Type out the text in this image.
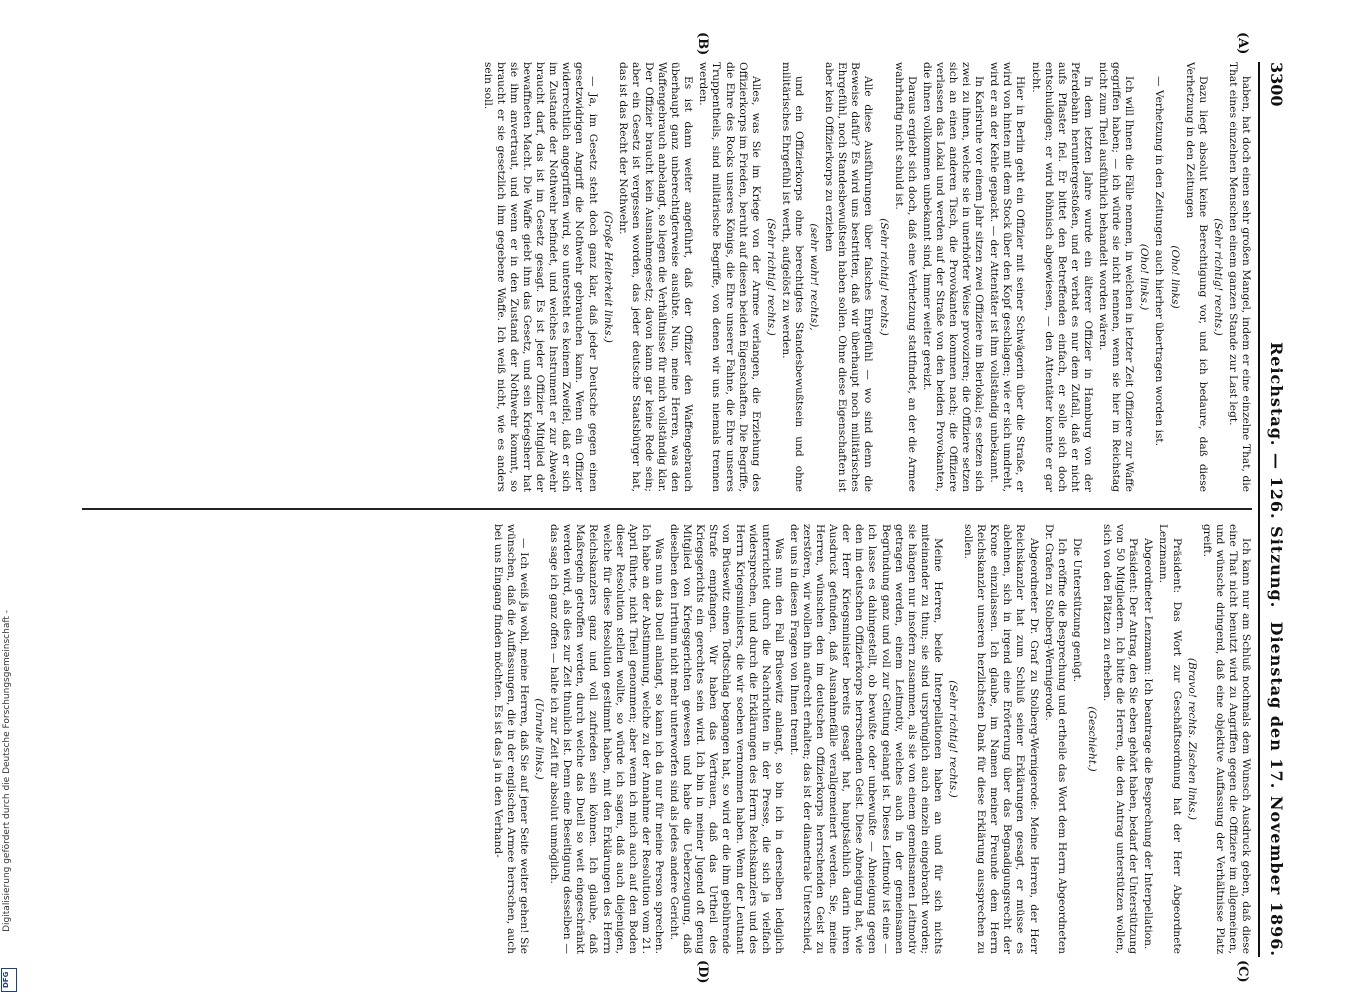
Digitalisierung gefördert durch die Deutsche Forschungsgemeinschaft -
DFG
3300
Reichstag. — 126. Sitzung.
Dienstag den 17. November 1896.
(A)
(B)
(C)
(D)

haben, hat doch einen sehr großen Mangel, indem er eine einzelne That, die That eines einzelnen Menschen einem ganzen Stande zur Last legt.

(Sehr richtig! rechts.)

Dazu liegt absolut keine Berechtigung vor, und ich bedaure, daß diese Verhetzung in den Zeitungen

(Oho! links)

— Verhetzung in den Zeitungen auch hierher übertragen worden ist.

(Oho! links.)

Ich will Ihnen die Fälle nennen, in welchen in letzter Zeit Offiziere zur Waffe gegriffen haben; — ich würde sie nicht nennen, wenn sie hier im Reichstag nicht zum Theil ausführlich behandelt worden wären.

In dem letzten Jahre wurde ein älterer Offizier in Hamburg von der Pferdebahn heruntergestoßen, und er verbat es nur dem Zufall, daß er nicht aufs Pflaster fiel. Er bittet den Betreffenden einfach, er solle sich doch entschuldigen; er wird höhnisch abgewiesen, — den Attentäter konnte er gar nicht.

Hier in Berlin geht ein Offizier mit seiner Schwägerin über die Straße, er wird von hinten mit dem Stock über den Kopf geschlagen; wie er sich umdreht, wird er an der Kehle gepackt. — der Attentäter ist ihm vollständig unbekannt.

In Karlsruhe vor einem Jahr sitzen zwei Offiziere im Bierlokal; es setzen sich zwei zu ihnen, welche sie in unerhörter Weise provoziren; die Offiziere setzen sich an einen anderen Tisch, die Provokanten kommen nach; die Offiziere verlassen das Lokal und werden auf der Straße von den beiden Provokanten, die ihnen vollkommen unbekannt sind, immer weiter gereizt.

Daraus ergiebt sich doch, daß eine Verhetzung stattfindet, an der die Armee wahrhaftig nicht schuld ist.

(Sehr richtig! rechts.)

Alle diese Ausführungen über falsches Ehrgefühl — wo sind denn die Beweise dafür? Es wird uns bestritten, daß wir überhaupt noch militärisches Ehrgefühl, noch Standesbewußtsein haben sollen. Ohne diese Eigenschaften ist aber kein Offizierkorps zu erziehen

(sehr wahr! rechts),

und ein Offizierkorps ohne berechtigtes Standesbewußtsein und ohne militärisches Ehrgefühl ist werth, aufgelöst zu werden.

(Sehr richtig! rechts.)

Alles, was Sie im Kriege von der Armee verlangen, die Erziehung des Offizierkorps im Frieden, beruht auf diesen beiden Eigenschaften. Die Begriffe, die Ehre des Rocks unseres Königs, die Ehre unserer Fahne, die Ehre unseres Truppentheils, sind militärische Begriffe, von denen wir uns niemals trennen werden.

Es ist dann weiter angeführt, daß der Offizier den Waffengebrauch überhaupt ganz unberechtigterweise ausübte. Nun, meine Herren, was den Waffengebrauch anbelangt, so liegen die Verhältnisse für mich vollständig klar. Der Offizier braucht kein Ausnahmegesetz; davon kann gar keine Rede sein; aber ein Gesetz ist vergessen worden, das jeder deutsche Staatsbürger hat, das ist das Recht der Nothwehr.

(Große Heiterkeit links.)

— Ja, im Gesetz steht doch ganz klar, daß jeder Deutsche gegen einen gesetzwidrigen Angriff die Nothwehr gebrauchen kann. Wenn ein Offizier widerrechtlich angegriffen wird, so untersteht es keinem Zweifel, daß er sich im Zustande der Nothwehr befindet, und welches Instrument er zur Abwehr braucht darf, das ist im Gesetz gesagt. Es ist jeder Offizier Mitglied der bewaffneten Macht. Die Waffe giebt ihm das Gesetz, und sein Kriegsherr hat sie ihm anvertraut, und wenn er in den Zustand der Nothwehr kommt, so braucht er sie gesetzlich ihm gegebene Waffe. Ich weiß nicht, wie es anders sein soll.

Ich kann nur am Schluß nochmals dem Wunsch Ausdruck geben, daß diese eine That nicht benutzt wird zu Angriffen gegen die Offiziere im allgemeinen, und wünsche dringend, daß eine objektive Auffassung der Verhältnisse Platz greift.

(Bravo! rechts. Zischen links.)

Präsident: Das Wort zur Geschäftsordnung hat der Herr Abgeordnete Lenzmann.

Abgeordneter Lenzmann: Ich beantrage die Besprechung der Interpellation.

Präsident: Der Antrag, den Sie eben gehört haben, bedarf der Unterstützung von 50 Mitgliedern. Ich bitte die Herren, die den Antrag unterstützen wollen, sich von den Plätzen zu erheben.

(Geschieht.)

Die Unterstützung genügt.

Ich eröffne die Besprechung und ertheile das Wort dem Herrn Abgeordneten Dr. Grafen zu Stolberg-Wernigerode.

Abgeordneter Dr. Graf zu Stolberg-Wernigerode: Meine Herren, der Herr Reichskanzler hat zum Schluß seiner Erklärungen gesagt, er müsse es ablehnen, sich in irgend eine Erörterung über das Begnadigungsrecht der Krone einzulassen. Ich glaube, im Namen meiner Freunde dem Herrn Reichskanzler unseren herzlichsten Dank für diese Erklärung aussprechen zu sollen.

(Sehr richtig! rechts.)

Meine Herren, beide Interpellationen haben an und für sich nichts miteinander zu thun; sie sind ursprünglich auch einzeln eingebracht worden; sie hängen nur insofern zusammen, als sie von einem gemeinsamen Leitmotiv getragen werden, einem Leitmotiv, welches auch in der gemeinsamen Begründung ganz und voll zur Geltung gelangt ist. Dieses Leitmotiv ist eine — ich lasse es dahingestellt, ob bewußte oder unbewußte — Abneigung gegen den im deutschen Offizierkorps herrschenden Geist. Diese Abneigung hat, wie der Herr Kriegsminister bereits gesagt hat, hauptsächlich darin ihren Ausdruck gefunden, daß Ausnahmefälle verallgemeinert werden. Sie, meine Herren, wünschen den im deutschen Offizierkorps herrschenden Geist zu zerstören, wir wollen ihn aufrecht erhalten; das ist der diametrale Unterschied, der uns in diesen Fragen von Ihnen trennt.

Was nun den Fall Brüsewitz anlangt, so bin ich in derselben lediglich unterrichtet durch die Nachrichten in der Presse, die sich ja vielfach widersprechen, und durch die Erklärungen des Herrn Reichskanzlers und des Herrn Kriegsministers, die wir soeben vernommen haben. Wenn der Leutnant von Brüsewitz einen Todtschlag begangen hat, so wird er die ihm gebührende Strafe empfangen. Wir haben das Vertrauen, daß das Urtheil des Kriegsgerichts ein gerechtes sein wird. Ich bin in meiner Jugend oft genug Mitglied von Kriegsgerichten gewesen und habe die Ueberzeugung, daß dieselben den Irrthum nicht mehr unterworfen sind als jedes andere Gericht.

Was nun das Duell anlangt, so kann ich da nur für meine Person sprechen. Ich habe an der Abstimmung, welche zu der Annahme der Resolution vom 21. April führte, nicht Theil genommen; aber wenn ich mich auch auf den Boden dieser Resolution stellen wollte, so würde ich sagen, daß auch diejenigen, welche für diese Resolution gestimmt haben, mit den Erklärungen des Herrn Reichskanzlers ganz und voll zufrieden sein können. Ich glaube, daß Maßregeln getroffen werden, durch welche das Duell so weit eingeschränkt werden wird, als dies zur Zeit thunlich ist. Denn eine Beseitigung desselben — das sage ich ganz offen — halte ich zur Zeit für absolut unmöglich.

(Unruhe links.)

— Ich weiß ja wohl, meine Herren, daß Sie auf jener Seite weiter gehen! Sie wünschen, daß die Auffassungen, die in der englischen Armee herrschen, auch bei uns Eingang finden möchten. Es ist das ja in den Verhand-
